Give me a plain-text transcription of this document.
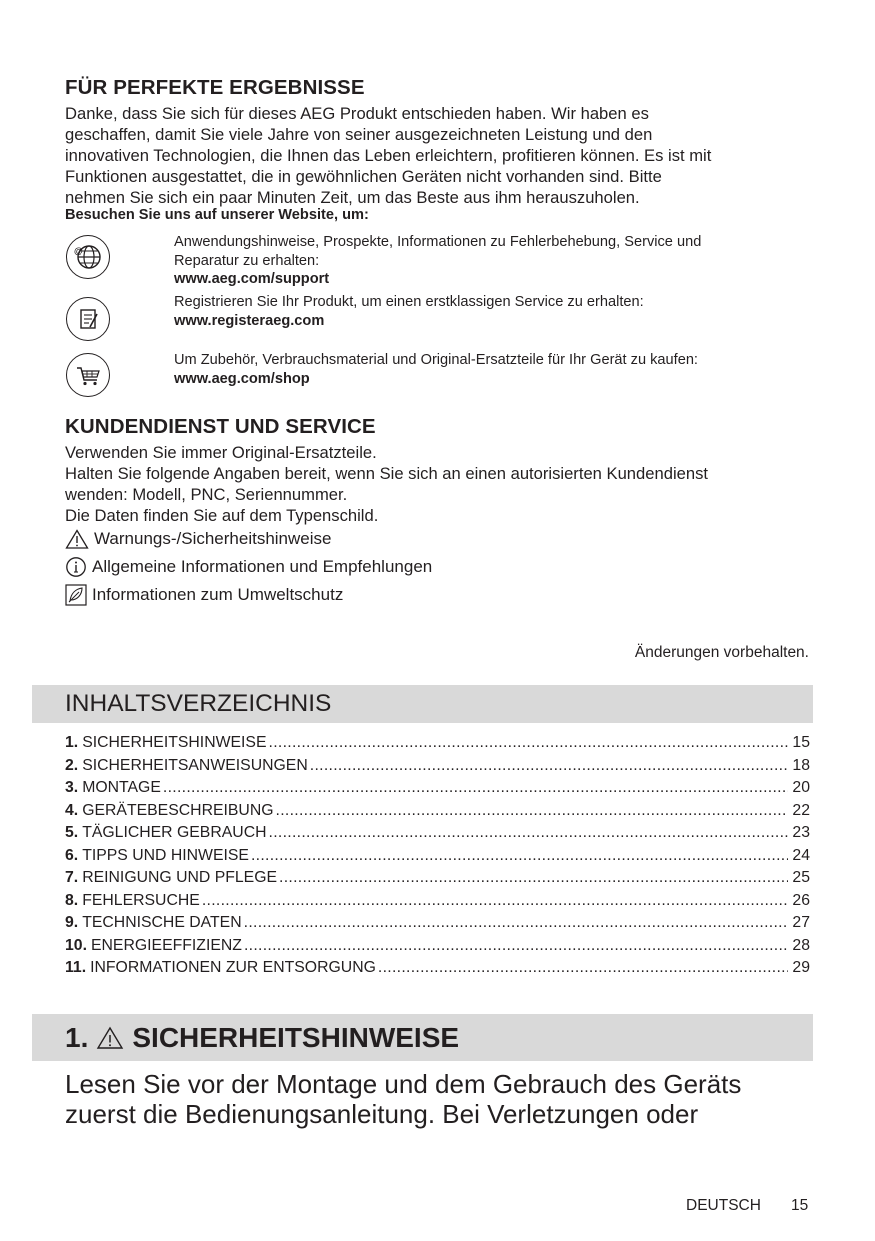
FÜR PERFEKTE ERGEBNISSE
Danke, dass Sie sich für dieses AEG Produkt entschieden haben. Wir haben es
geschaffen, damit Sie viele Jahre von seiner ausgezeichneten Leistung und den
innovativen Technologien, die Ihnen das Leben erleichtern, profitieren können. Es ist mit
Funktionen ausgestattet, die in gewöhnlichen Geräten nicht vorhanden sind. Bitte
nehmen Sie sich ein paar Minuten Zeit, um das Beste aus ihm herauszuholen.
Besuchen Sie uns auf unserer Website, um:
@
Anwendungshinweise, Prospekte, Informationen zu Fehlerbehebung, Service und
Reparatur zu erhalten:
www.aeg.com/support
Registrieren Sie Ihr Produkt, um einen erstklassigen Service zu erhalten:
www.registeraeg.com
Um Zubehör, Verbrauchsmaterial und Original-Ersatzteile für Ihr Gerät zu kaufen:
www.aeg.com/shop
KUNDENDIENST UND SERVICE
Verwenden Sie immer Original-Ersatzteile.
Halten Sie folgende Angaben bereit, wenn Sie sich an einen autorisierten Kundendienst
wenden: Modell, PNC, Seriennummer.
Die Daten finden Sie auf dem Typenschild.
Warnungs-/Sicherheitshinweise
Allgemeine Informationen und Empfehlungen
Informationen zum Umweltschutz
Änderungen vorbehalten.
INHALTSVERZEICHNIS
1. SICHERHEITSHINWEISE .....	15
2. SICHERHEITSANWEISUNGEN .....	18
3. MONTAGE .....	20
4. GERÄTEBESCHREIBUNG .....	22
5. TÄGLICHER GEBRAUCH .....	23
6. TIPPS UND HINWEISE .....	24
7. REINIGUNG UND PFLEGE .....	25
8. FEHLERSUCHE .....	26
9. TECHNISCHE DATEN .....	27
10. ENERGIEEFFIZIENZ .....	28
11. INFORMATIONEN ZUR ENTSORGUNG .....	29
1. SICHERHEITSHINWEISE
Lesen Sie vor der Montage und dem Gebrauch des Geräts
zuerst die Bedienungsanleitung. Bei Verletzungen oder
DEUTSCH 15
